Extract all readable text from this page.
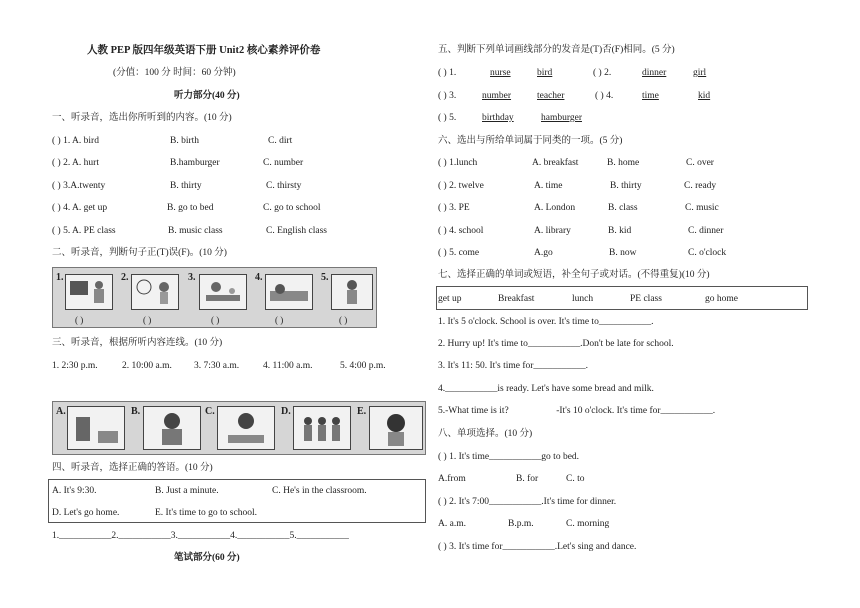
人教 PEP 版四年级英语下册 Unit2 核心素养评价卷
(分值：100 分 时间：60 分钟)
听力部分(40 分)
一、听录音，选出你所听到的内容。(10 分)
( ) 1. A. bird	B. birth	C. dirt
( ) 2. A. hurt	B.hamburger	C. number
( ) 3.A.twenty	B. thirty	C. thirsty
( ) 4. A. get up	B. go to bed	C. go to school
( ) 5. A. PE class	B. music class	C. English class
二、听录音，判断句子正(T)误(F)。(10 分)
1.	2.	3.	4.	5.
( )	( )	( )	( )	( )
三、听录音，根据所听内容连线。(10 分)
1. 2:30 p.m.	2. 10:00 a.m. 3. 7:30 a.m.	4. 11:00 a.m.	5. 4:00 p.m.
A.	B.	C.	D.	E.
四、听录音，选择正确的答语。(10 分)
A. It's 9:30.	B. Just a minute.	C. He's in the classroom.
D. Let's go home.	E. It's time to go to school.
1.___________2.___________3.___________4.___________5.___________
笔试部分(60 分)
五、判断下列单词画线部分的发音是(T)否(F)相同。(5 分)
( ) 1.	nurse	bird	( ) 2.	dinner	girl
( ) 3.	number	teacher	( ) 4.	time	kid
( ) 5.	birthday	hamburger
六、选出与所给单词属于同类的一项。(5 分)
( ) 1.lunch	A. breakfast	B. home	C. over
( ) 2. twelve	A. time	B. thirty	C. ready
( ) 3. PE	A. London	B. class	C. music
( ) 4. school	A. library	B. kid	C. dinner
( ) 5. come	A.go	B. now	C. o'clock
七、选择正确的单词或短语，补全句子或对话。(不得重复)(10 分)
get up	Breakfast	lunch	PE class	go home
1. It's 5 o'clock. School is over. It's time to___________.
2. Hurry up! It's time to___________.Don't be late for school.
3. It's 11: 50. It's time for___________.
4.___________is ready. Let's have some bread and milk.
5.-What time is it?                    -It's 10 o'clock. It's time for___________.
八、单项选择。(10 分)
( ) 1. It's time___________go to bed.
A.from	B. for	C. to
( ) 2. It's 7:00___________.It's time for dinner.
A. a.m.	B.p.m.	C. morning
( ) 3. It's time for___________.Let's sing and dance.
